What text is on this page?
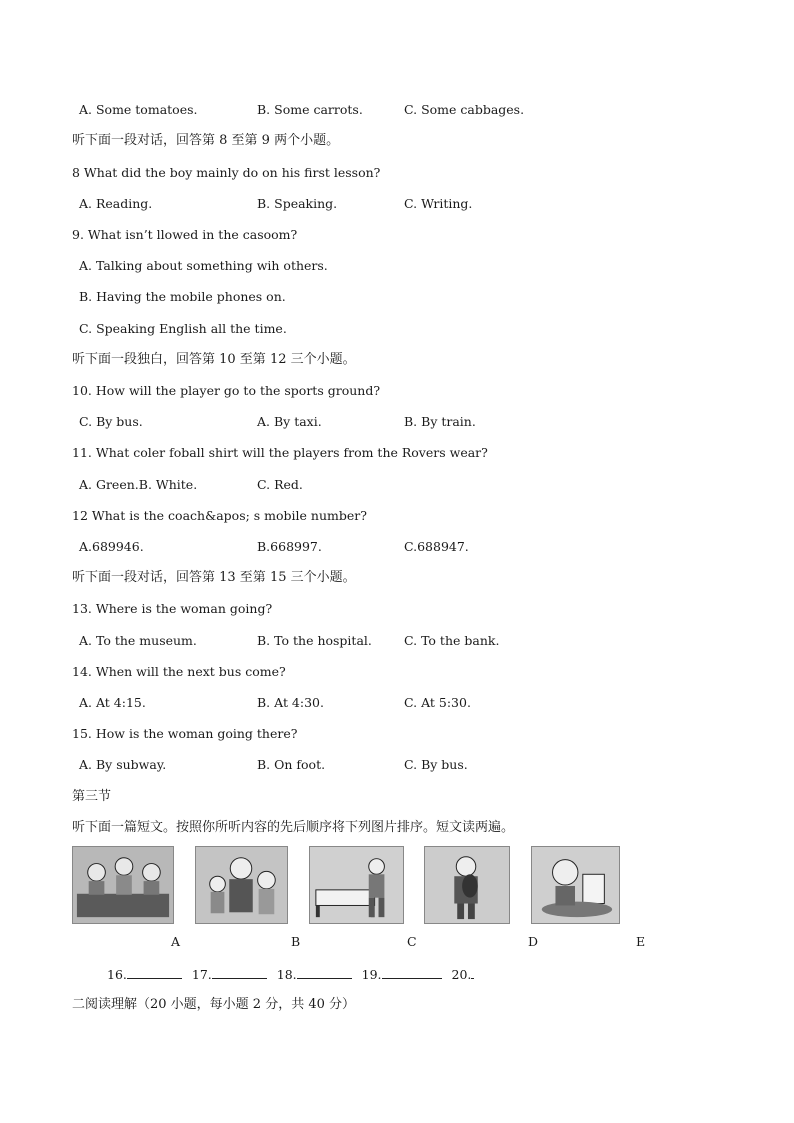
A. Some tomatoes.	B. Some carrots.	C. Some cabbages.
听下面一段对话，回答第 8 至第 9 两个小题。
8 What did the boy mainly do on his first lesson?
A. Reading.	B. Speaking.	C. Writing.
9. What isn’t llowed in the casoom?
A. Talking about something wih others.
B. Having the mobile phones on.
C. Speaking English all the time.
听下面一段独白，回答第 10 至第 12 三个小题。
10. How will the player go to the sports ground?
C. By bus.	A. By taxi.	B. By train.
11. What coler foball shirt will the players from the Rovers wear?
A. Green.B. White.	C. Red.
12 What is the coach&apos; s mobile number?
A.689946.	B.668997.	C.688947.
听下面一段对话，回答第 13 至第 15 三个小题。
13. Where is the woman going?
A. To the museum.	B. To the hospital.	C. To the bank.
14. When will the next bus come?
A. At 4:15.	B. At 4:30.	C. At 5:30.
15. How is the woman going there?
A. By subway.	B. On foot.	C. By bus.
第三节
听下面一篇短文。按照你所听内容的先后顺序将下列图片排序。短文读两遍。
A	B	C	D	E
16.	17.	18.	19.	20.
二阅读理解（20 小题，每小题 2 分，共 40 分）
